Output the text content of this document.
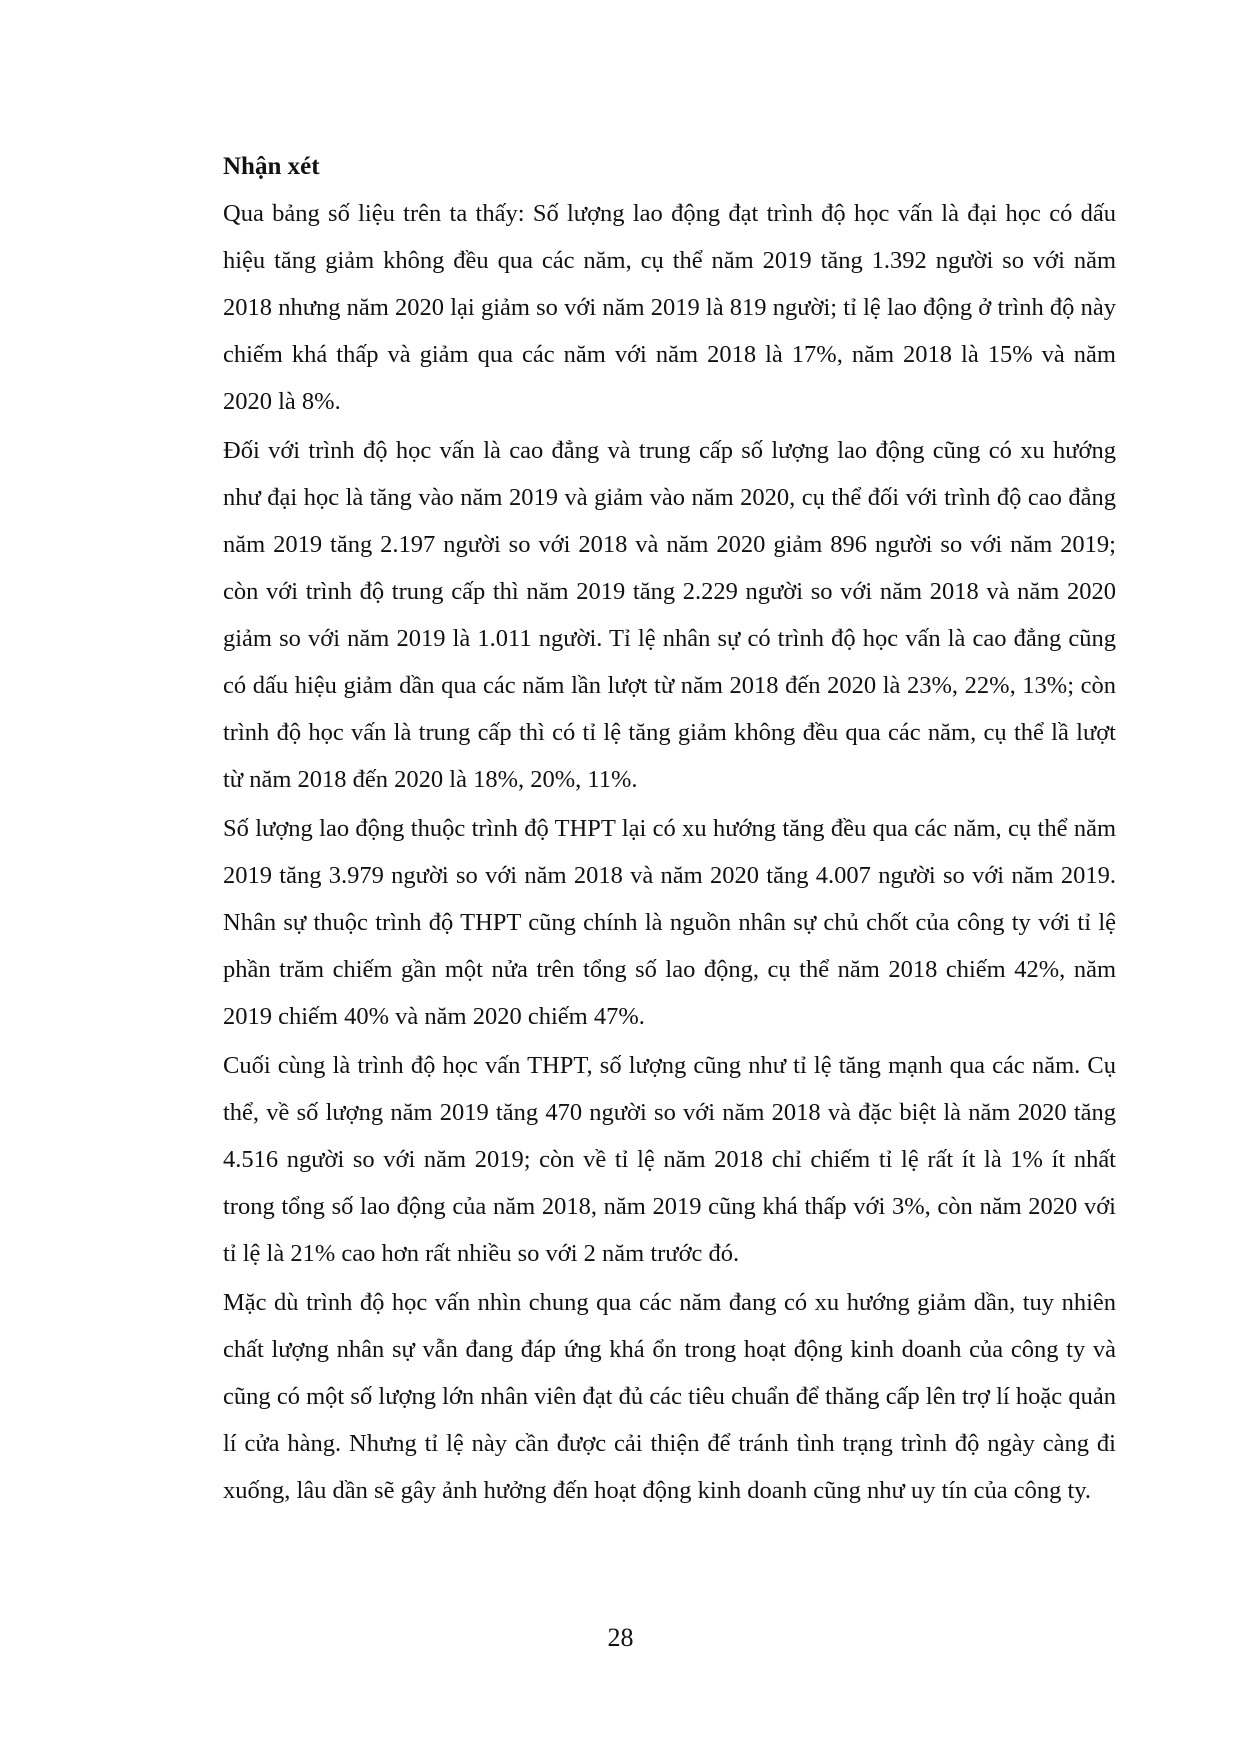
Nhận xét

Qua bảng số liệu trên ta thấy: Số lượng lao động đạt trình độ học vấn là đại học có dấu hiệu tăng giảm không đều qua các năm, cụ thể năm 2019 tăng 1.392 người so với năm 2018 nhưng năm 2020 lại giảm so với năm 2019 là 819 người; tỉ lệ lao động ở trình độ này chiếm khá thấp và giảm qua các năm với năm 2018 là 17%, năm 2018 là 15% và năm 2020 là 8%.

Đối với trình độ học vấn là cao đẳng và trung cấp số lượng lao động cũng có xu hướng như đại học là tăng vào năm 2019 và giảm vào năm 2020, cụ thể đối với trình độ cao đẳng năm 2019 tăng 2.197 người so với 2018 và năm 2020 giảm 896 người so với năm 2019; còn với trình độ trung cấp thì năm 2019 tăng 2.229 người so với năm 2018 và năm 2020 giảm so với năm 2019 là 1.011 người. Tỉ lệ nhân sự có trình độ học vấn là cao đẳng cũng có dấu hiệu giảm dần qua các năm lần lượt từ năm 2018 đến 2020 là 23%, 22%, 13%; còn trình độ học vấn là trung cấp thì có tỉ lệ tăng giảm không đều qua các năm, cụ thể lầ lượt từ năm 2018 đến 2020 là 18%, 20%, 11%.

Số lượng lao động thuộc trình độ THPT lại có xu hướng tăng đều qua các năm, cụ thể năm 2019 tăng 3.979 người so với năm 2018 và năm 2020 tăng 4.007 người so với năm 2019. Nhân sự thuộc trình độ THPT cũng chính là nguồn nhân sự chủ chốt của công ty với tỉ lệ phần trăm chiếm gần một nửa trên tổng số lao động, cụ thể năm 2018 chiếm 42%, năm 2019 chiếm 40% và năm 2020 chiếm 47%.

Cuối cùng là trình độ học vấn THPT, số lượng cũng như tỉ lệ tăng mạnh qua các năm. Cụ thể, về số lượng năm 2019 tăng 470 người so với năm 2018 và đặc biệt là năm 2020 tăng 4.516 người so với năm 2019; còn về tỉ lệ năm 2018 chỉ chiếm tỉ lệ rất ít là 1% ít nhất trong tổng số lao động của năm 2018, năm 2019 cũng khá thấp với 3%, còn năm 2020 với tỉ lệ là 21% cao hơn rất nhiều so với 2 năm trước đó.

Mặc dù trình độ học vấn nhìn chung qua các năm đang có xu hướng giảm dần, tuy nhiên chất lượng nhân sự vẫn đang đáp ứng khá ổn trong hoạt động kinh doanh của công ty và cũng có một số lượng lớn nhân viên đạt đủ các tiêu chuẩn để thăng cấp lên trợ lí hoặc quản lí cửa hàng. Nhưng tỉ lệ này cần được cải thiện để tránh tình trạng trình độ ngày càng đi xuống, lâu dần sẽ gây ảnh hưởng đến hoạt động kinh doanh cũng như uy tín của công ty.

28
